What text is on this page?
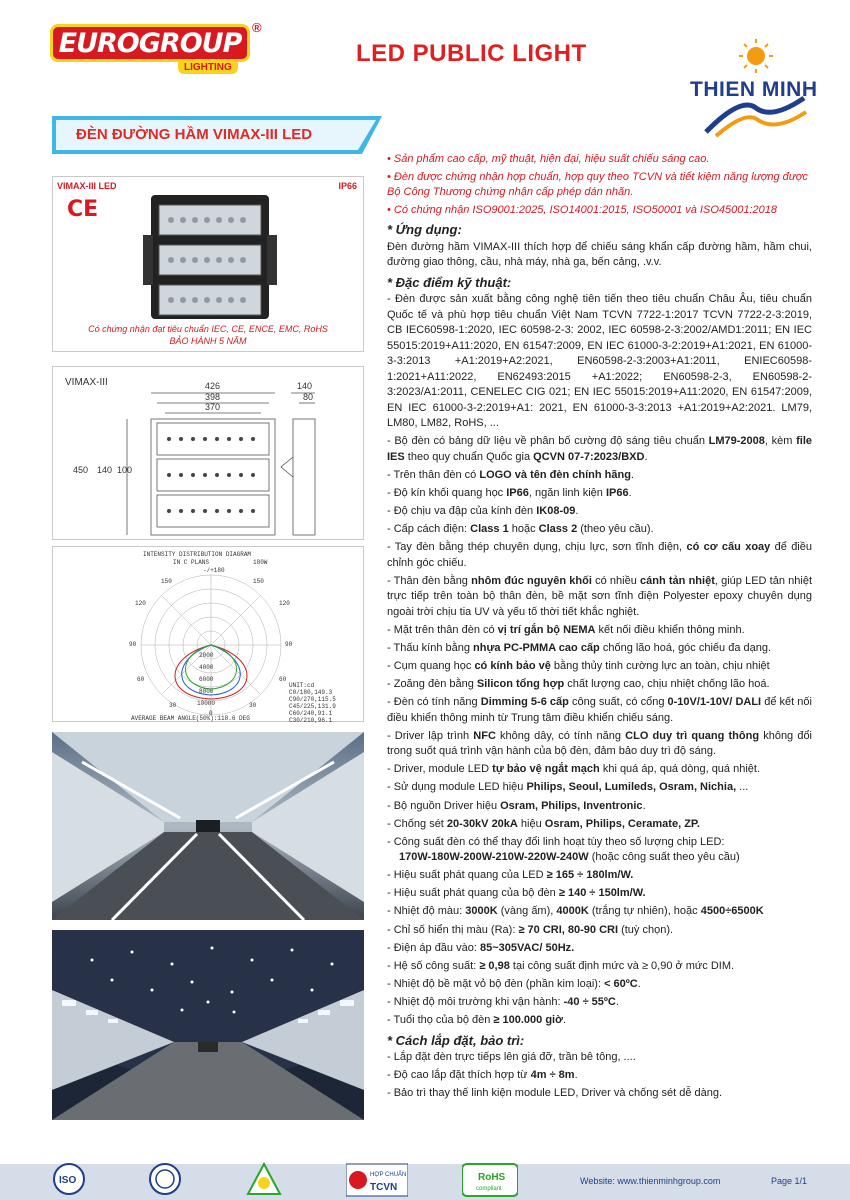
EUROGROUP ®
LIGHTING
LED PUBLIC LIGHT
THIEN MINH
ĐÈN ĐƯỜNG HẦM VIMAX-III LED
VIMAX-III LED	IP66
CE
Có chứng nhận đạt tiêu chuẩn IEC, CE, ENCE, EMC, RoHS
BẢO HÀNH 5 NĂM
VIMAX-III	426
398
370
140
80
450 140 100
INTENSITY DISTRIBUTION DIAGRAM
IN C PLANS	180W
-/+180
150	150
120	120
90	90
60	60
30
0
30
2000
4000
6000
8000
10000
UNIT:cd
C0/180,149.3
C90/270,115.5
C45/225,131.9
C60/240,91.1
C30/210,96.1
AVERAGE BEAM ANGLE(50%):118.6 DEG
• Sản phẩm cao cấp, mỹ thuật, hiện đại, hiệu suất chiếu sáng cao.
• Đèn được chứng nhận hợp chuẩn, hợp quy theo TCVN và tiết kiệm năng lượng được Bộ Công Thương chứng nhận cấp phép dán nhãn.
• Có chứng nhận ISO9001:2025, ISO14001:2015, ISO50001 và ISO45001:2018
* Ứng dụng:
Đèn đường hầm VIMAX-III thích hợp để chiếu sáng khẩn cấp đường hầm, hầm chui, đường giao thông, cầu, nhà máy, nhà ga, bến cảng, .v.v.
* Đặc điểm kỹ thuật:
- Đèn được sản xuất bằng công nghệ tiên tiến theo tiêu chuẩn Châu Âu, tiêu chuẩn Quốc tế và phù hợp tiêu chuẩn Việt Nam TCVN 7722-1:2017 TCVN 7722-2-3:2019, CB IEC60598-1:2020, IEC 60598-2-3: 2002, IEC 60598-2-3:2002/AMD1:2011; EN IEC 55015:2019+A11:2020, EN 61547:2009, EN IEC 61000-3-2:2019+A1:2021, EN 61000-3-3:2013 +A1:2019+A2:2021, EN60598-2-3:2003+A1:2011, ENIEC60598-1:2021+A11:2022, EN62493:2015 +A1:2022; EN60598-2-3, EN60598-2-3:2023/A1:2011, CENELEC CIG 021; EN IEC 55015:2019+A11:2020, EN 61547:2009, EN IEC 61000-3-2:2019+A1: 2021, EN 61000-3-3:2013 +A1:2019+A2:2021. LM79, LM80, LM82, RoHS, ...
- Bộ đèn có bảng dữ liệu về phân bố cường độ sáng tiêu chuẩn LM79-2008, kèm file IES theo quy chuẩn Quốc gia QCVN 07-7:2023/BXD.
- Trên thân đèn có LOGO và tên đèn chính hãng.
- Độ kín khối quang học IP66, ngăn linh kiện IP66.
- Độ chịu va đập của kính đèn IK08-09.
- Cấp cách điện: Class 1 hoặc Class 2 (theo yêu cầu).
- Tay đèn bằng thép chuyên dụng, chịu lực, sơn tĩnh điện, có cơ cấu xoay để điều chỉnh góc chiếu.
- Thân đèn bằng nhôm đúc nguyên khối có nhiều cánh tản nhiệt, giúp LED tản nhiệt trực tiếp trên toàn bộ thân đèn, bề mặt sơn tĩnh điện Polyester epoxy chuyên dụng ngoài trời chịu tia UV và yếu tố thời tiết khắc nghiệt.
- Mặt trên thân đèn có vị trí gắn bộ NEMA kết nối điều khiển thông minh.
- Thấu kính bằng nhựa PC-PMMA cao cấp chống lão hoá, góc chiếu đa dạng.
- Cụm quang học có kính bảo vệ bằng thủy tinh cường lực an toàn, chịu nhiệt
- Zoăng đèn bằng Silicon tổng hợp chất lượng cao, chịu nhiệt chống lão hoá.
- Đèn có tính năng Dimming 5-6 cấp công suất, có cổng 0-10V/1-10V/ DALI để kết nối điều khiển thông minh từ Trung tâm điều khiển chiếu sáng.
- Driver lập trình NFC không dây, có tính năng CLO duy trì quang thông không đổi trong suốt quá trình vận hành của bộ đèn, đảm bảo duy trì độ sáng.
- Driver, module LED tự bảo vệ ngắt mạch khi quá áp, quá dòng, quá nhiệt.
- Sử dụng module LED hiệu Philips, Seoul, Lumileds, Osram, Nichia, ...
- Bộ nguồn Driver hiệu Osram, Philips, Inventronic.
- Chống sét 20-30kV 20kA hiệu Osram, Philips, Ceramate, ZP.
- Công suất đèn có thể thay đổi linh hoạt tùy theo số lượng chip LED:
170W-180W-200W-210W-220W-240W (hoặc công suất theo yêu cầu)
- Hiệu suất phát quang của LED ≥ 165 ÷ 180lm/W.
- Hiệu suất phát quang của bộ đèn ≥ 140 ÷ 150lm/W.
- Nhiệt độ màu: 3000K (vàng ấm), 4000K (trắng tự nhiên), hoặc 4500÷6500K
- Chỉ số hiển thị màu (Ra): ≥ 70 CRI, 80-90 CRI (tuỳ chọn).
- Điện áp đầu vào: 85~305VAC/ 50Hz.
- Hệ số công suất: ≥ 0,98 tại công suất định mức và ≥ 0,90 ở mức DIM.
- Nhiệt độ bề mặt vỏ bộ đèn (phần kim loại): < 60ºC.
- Nhiệt độ môi trường khi vận hành: -40 ÷ 55ºC.
- Tuổi thọ của bộ đèn ≥ 100.000 giờ.
* Cách lắp đặt, bảo trì:
- Lắp đặt đèn trực tiếps lên giá đỡ, trần bê tông, ....
- Độ cao lắp đặt thích hợp từ 4m ÷ 8m.
- Bảo trì thay thế linh kiện module LED, Driver và chống sét dễ dàng.
ISO	HỢP CHUẨN
TCVN
RoHS
compliant
Website: www.thienminhgroup.com	Page 1/1
